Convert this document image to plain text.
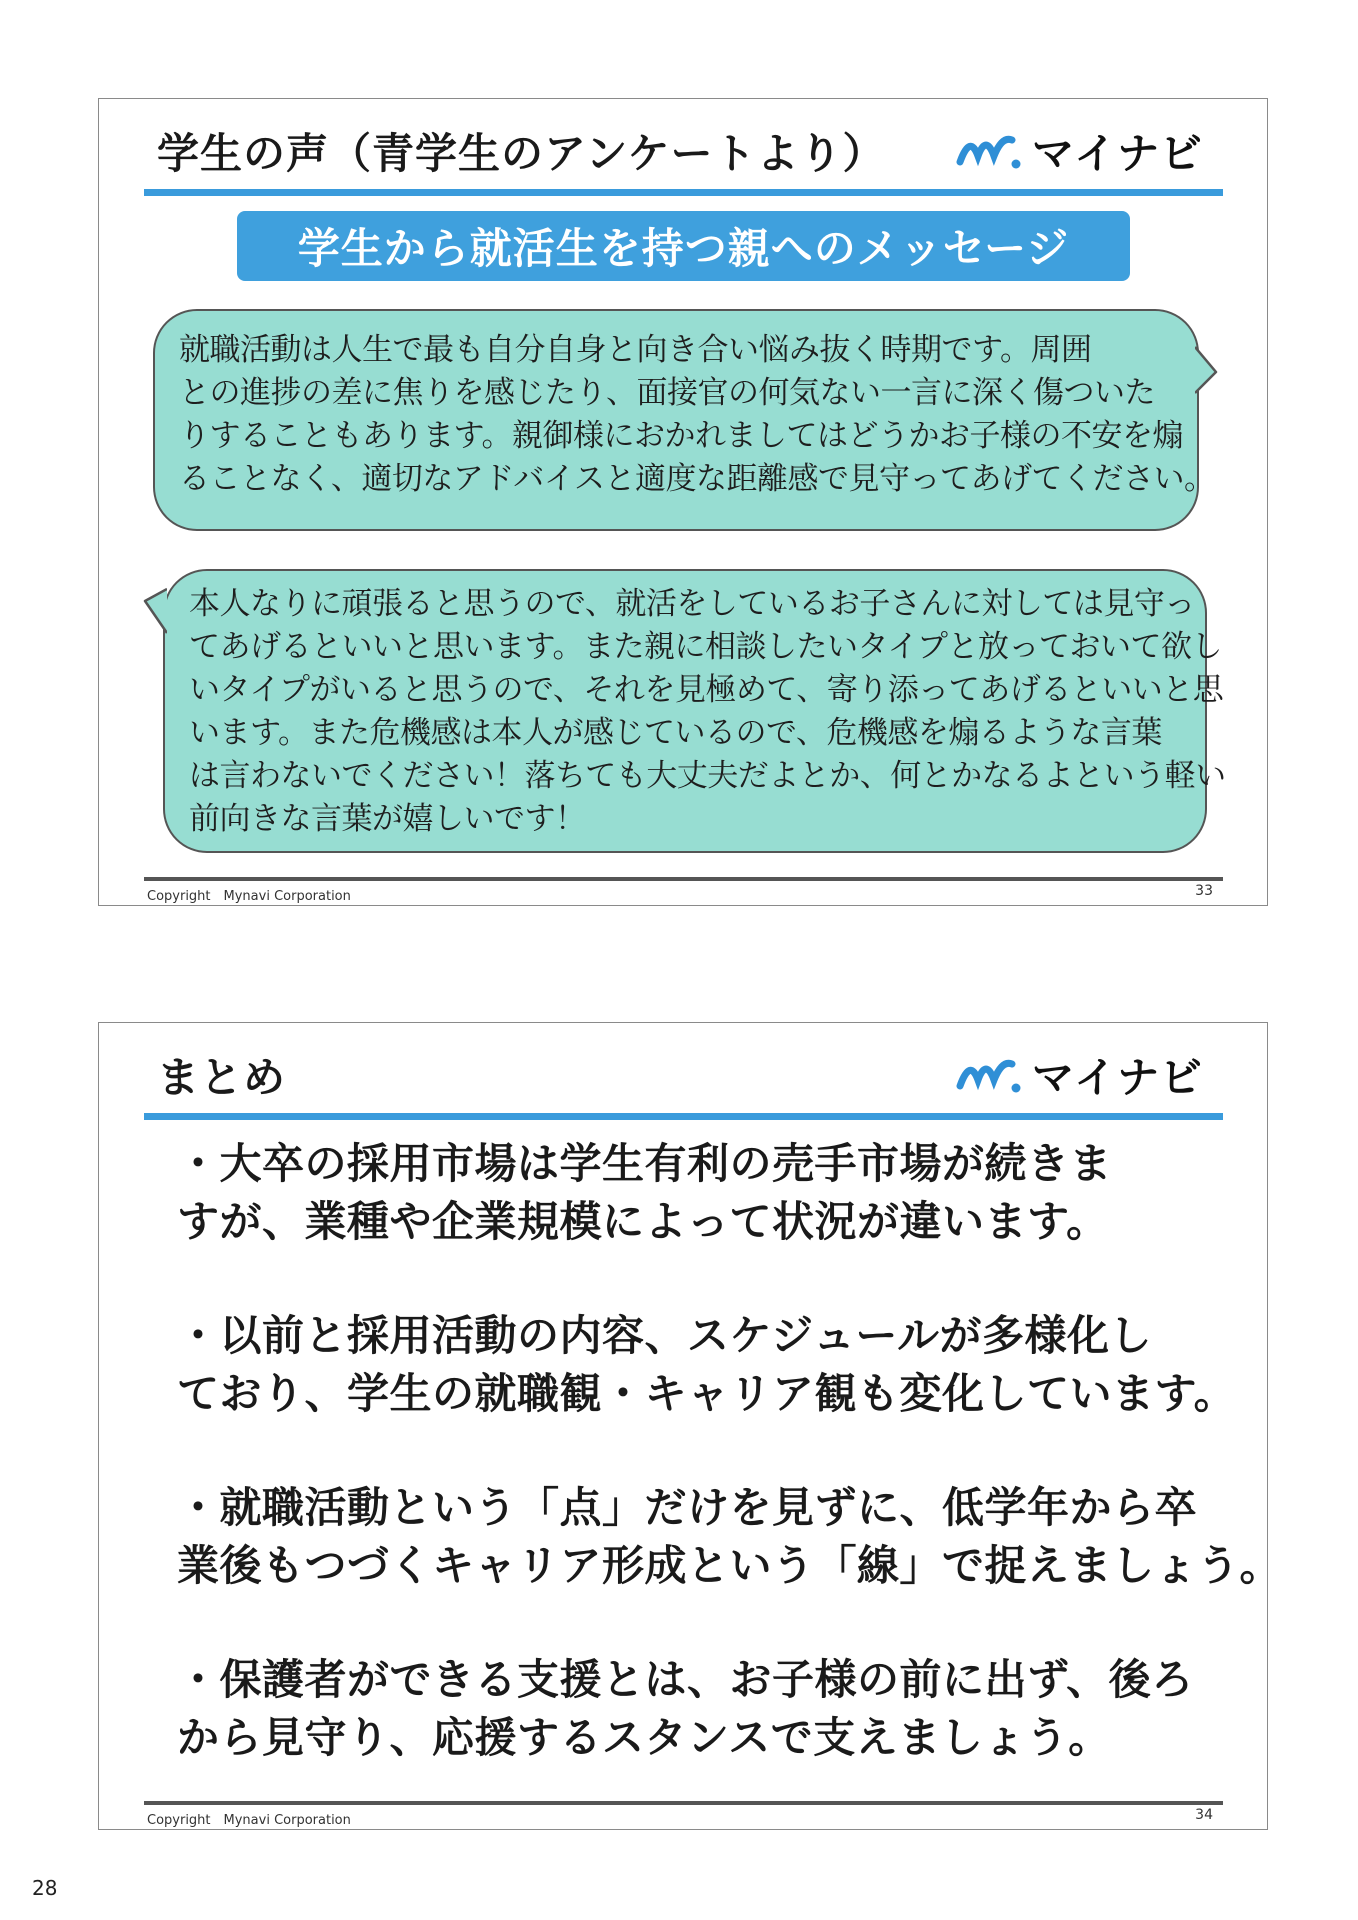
学生の声（青学生のアンケートより）	マイナビ
学生から就活生を持つ親へのメッセージ

就職活動は人生で最も自分自身と向き合い悩み抜く時期です。周囲

との進捗の差に焦りを感じたり、面接官の何気ない一言に深く傷ついた

りすることもあります。親御様におかれましてはどうかお子様の不安を煽

ることなく、適切なアドバイスと適度な距離感で見守ってあげてください。

本人なりに頑張ると思うので、就活をしているお子さんに対しては見守っ

てあげるといいと思います。また親に相談したいタイプと放っておいて欲し

いタイプがいると思うので、それを見極めて、寄り添ってあげるといいと思

います。また危機感は本人が感じているので、危機感を煽るような言葉

は言わないでください！落ちても大丈夫だよとか、何とかなるよという軽い

前向きな言葉が嬉しいです！

Copyright　Mynavi Corporation	33
まとめ	マイナビ

・大卒の採用市場は学生有利の売手市場が続きま

すが、業種や企業規模によって状況が違います。

・以前と採用活動の内容、スケジュールが多様化し

ており、学生の就職観・キャリア観も変化しています。

・就職活動という「点」だけを見ずに、低学年から卒

業後もつづくキャリア形成という「線」で捉えましょう。

・保護者ができる支援とは、お子様の前に出ず、後ろ

から見守り、応援するスタンスで支えましょう。

Copyright　Mynavi Corporation	34
28
